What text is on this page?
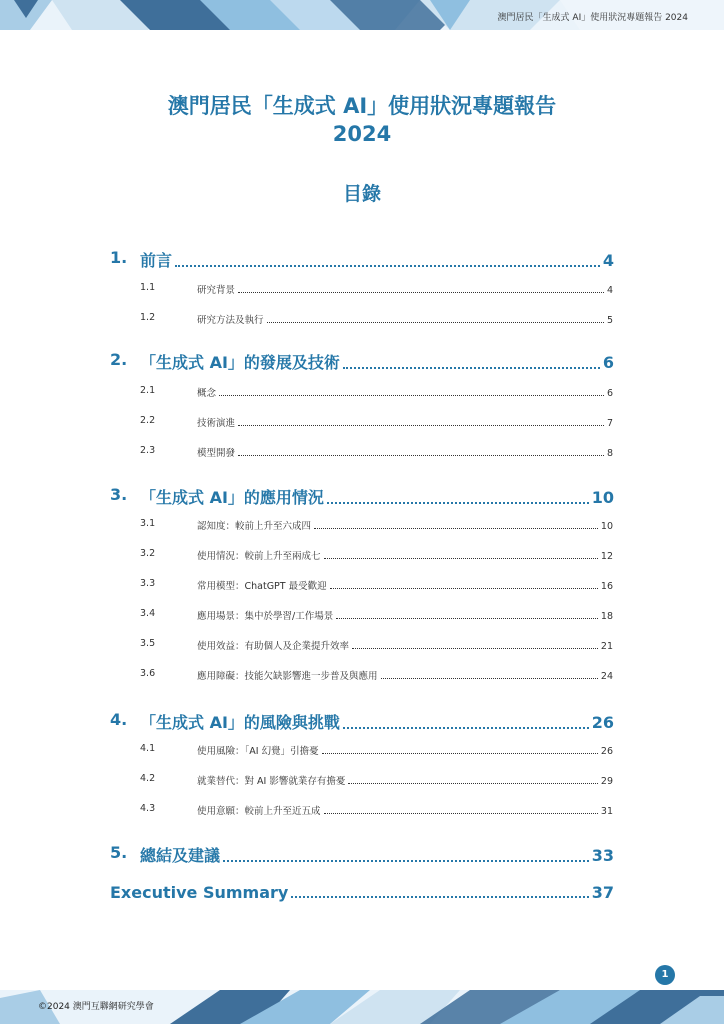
澳門居民「生成式 AI」使用狀況專題報告 2024
澳門居民「生成式 AI」使用狀況專題報告
2024
目錄
1. 前言	4
1.1	研究背景	4
1.2	研究方法及執行	5
2. 「生成式 AI」的發展及技術	6
2.1	概念	6
2.2	技術演進	7
2.3	模型開發	8
3. 「生成式 AI」的應用情況	10
3.1	認知度：較前上升至六成四	10
3.2	使用情況：較前上升至兩成七	12
3.3	常用模型：ChatGPT 最受歡迎	16
3.4	應用場景：集中於學習/工作場景	18
3.5	使用效益：有助個人及企業提升效率	21
3.6	應用障礙：技能欠缺影響進一步普及與應用	24
4. 「生成式 AI」的風險與挑戰	26
4.1	使用風險：「AI 幻覺」引擔憂	26
4.2	就業替代：對 AI 影響就業存有擔憂	29
4.3	使用意願：較前上升至近五成	31
5. 總結及建議	33
Executive Summary	37
1
©2024 澳門互聯網研究學會
